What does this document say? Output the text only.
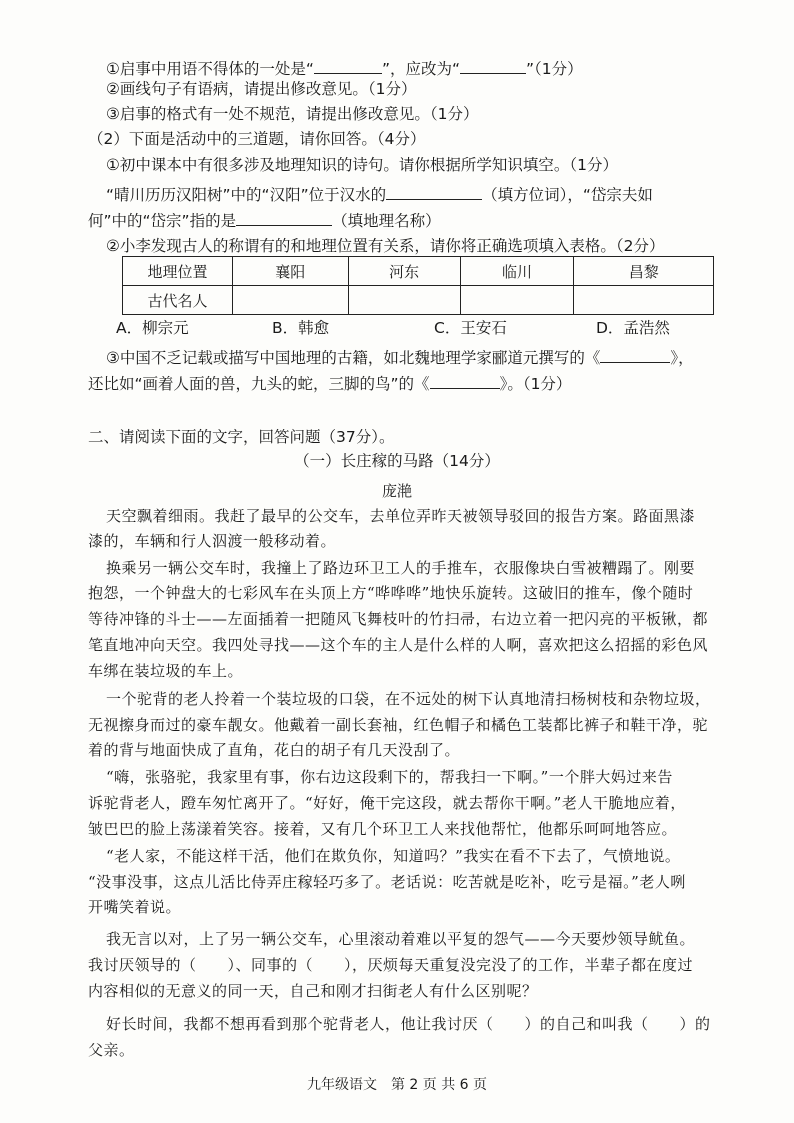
①启事中用语不得体的一处是“	”，应改为“	”（1分）
②画线句子有语病，请提出修改意见。（1分）
③启事的格式有一处不规范，请提出修改意见。（1分）
（2）下面是活动中的三道题，请你回答。（4分）
①初中课本中有很多涉及地理知识的诗句。请你根据所学知识填空。（1分）
“晴川历历汉阳树”中的“汉阳”位于汉水的	（填方位词），“岱宗夫如
何”中的“岱宗”指的是	（填地理名称）
②小李发现古人的称谓有的和地理位置有关系，请你将正确选项填入表格。（2分）
地理位置	襄阳	河东	临川	昌黎
古代名人				
A．柳宗元	B．韩愈	C．王安石	D．孟浩然
③中国不乏记载或描写中国地理的古籍，如北魏地理学家郦道元撰写的《	》，
还比如“画着人面的兽，九头的蛇，三脚的鸟”的《	》。（1分）
二、请阅读下面的文字，回答问题（37分）。
（一）长庄稼的马路（14分）
庞滟
天空飘着细雨。我赶了最早的公交车，去单位弄昨天被领导驳回的报告方案。路面黑漆
漆的，车辆和行人泅渡一般移动着。
换乘另一辆公交车时，我撞上了路边环卫工人的手推车，衣服像块白雪被糟蹋了。刚要
抱怨，一个钟盘大的七彩风车在头顶上方“哗哗哗”地快乐旋转。这破旧的推车，像个随时
等待冲锋的斗士——左面插着一把随风飞舞枝叶的竹扫帚，右边立着一把闪亮的平板锹，都
笔直地冲向天空。我四处寻找——这个车的主人是什么样的人啊，喜欢把这么招摇的彩色风
车绑在装垃圾的车上。
一个驼背的老人拎着一个装垃圾的口袋，在不远处的树下认真地清扫杨树枝和杂物垃圾，
无视擦身而过的豪车靓女。他戴着一副长套袖，红色帽子和橘色工装都比裤子和鞋干净，驼
着的背与地面快成了直角，花白的胡子有几天没刮了。
“嗨，张骆驼，我家里有事，你右边这段剩下的，帮我扫一下啊。”一个胖大妈过来告
诉驼背老人，蹬车匆忙离开了。“好好，俺干完这段，就去帮你干啊。”老人干脆地应着，
皱巴巴的脸上荡漾着笑容。接着，又有几个环卫工人来找他帮忙，他都乐呵呵地答应。
“老人家，不能这样干活，他们在欺负你，知道吗？”我实在看不下去了，气愤地说。
“没事没事，这点儿活比侍弄庄稼轻巧多了。老话说：吃苦就是吃补，吃亏是福。”老人咧
开嘴笑着说。
我无言以对，上了另一辆公交车，心里滚动着难以平复的怨气——今天要炒领导鱿鱼。
我讨厌领导的（　　）、同事的（　　），厌烦每天重复没完没了的工作，半辈子都在度过
内容相似的无意义的同一天，自己和刚才扫街老人有什么区别呢？
好长时间，我都不想再看到那个驼背老人，他让我讨厌（　　）的自己和叫我（　　）的
父亲。
九年级语文　第 2 页 共 6 页
